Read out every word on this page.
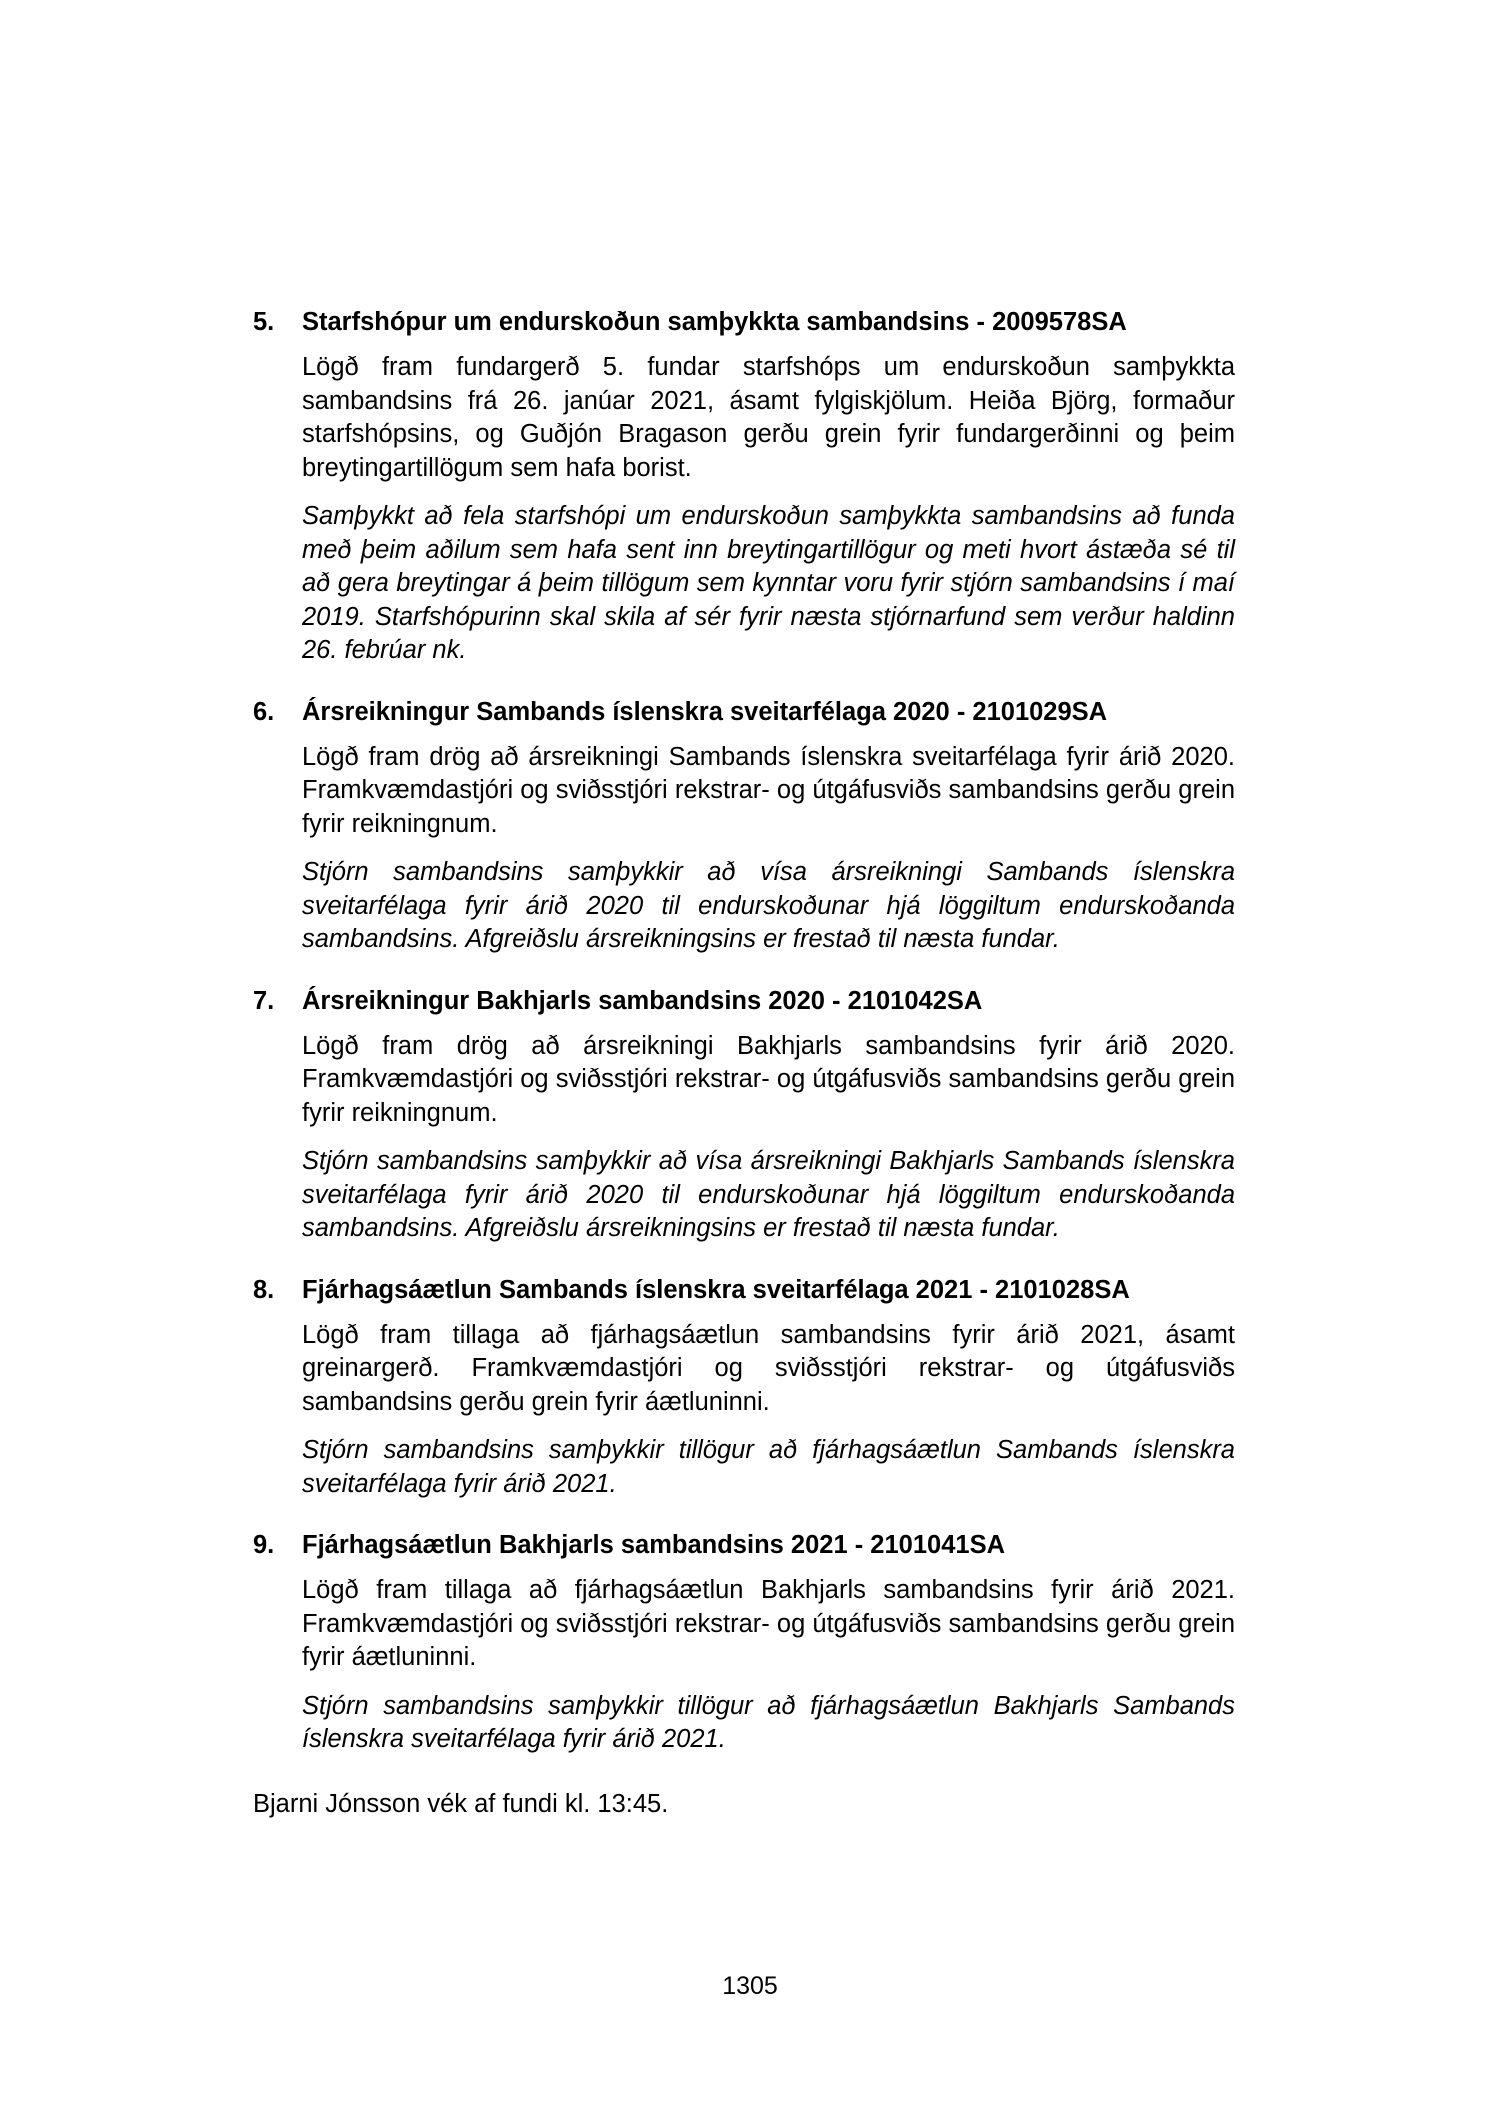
5.	Starfshópur um endurskoðun samþykkta sambandsins - 2009578SA

Lögð fram fundargerð 5. fundar starfshóps um endurskoðun samþykkta sambandsins frá 26. janúar 2021, ásamt fylgiskjölum. Heiða Björg, formaður starfshópsins, og Guðjón Bragason gerðu grein fyrir fundargerðinni og þeim breytingartillögum sem hafa borist.

Samþykkt að fela starfshópi um endurskoðun samþykkta sambandsins að funda með þeim aðilum sem hafa sent inn breytingartillögur og meti hvort ástæða sé til að gera breytingar á þeim tillögum sem kynntar voru fyrir stjórn sambandsins í maí 2019. Starfshópurinn skal skila af sér fyrir næsta stjórnarfund sem verður haldinn 26. febrúar nk.

6.	Ársreikningur Sambands íslenskra sveitarfélaga 2020 - 2101029SA

Lögð fram drög að ársreikningi Sambands íslenskra sveitarfélaga fyrir árið 2020. Framkvæmdastjóri og sviðsstjóri rekstrar- og útgáfusviðs sambandsins gerðu grein fyrir reikningnum.

Stjórn sambandsins samþykkir að vísa ársreikningi Sambands íslenskra sveitarfélaga fyrir árið 2020 til endurskoðunar hjá löggiltum endurskoðanda sambandsins. Afgreiðslu ársreikningsins er frestað til næsta fundar.

7.	Ársreikningur Bakhjarls sambandsins 2020 - 2101042SA

Lögð fram drög að ársreikningi Bakhjarls sambandsins fyrir árið 2020. Framkvæmdastjóri og sviðsstjóri rekstrar- og útgáfusviðs sambandsins gerðu grein fyrir reikningnum.

Stjórn sambandsins samþykkir að vísa ársreikningi Bakhjarls Sambands íslenskra sveitarfélaga fyrir árið 2020 til endurskoðunar hjá löggiltum endurskoðanda sambandsins. Afgreiðslu ársreikningsins er frestað til næsta fundar.

8.	Fjárhagsáætlun Sambands íslenskra sveitarfélaga 2021 - 2101028SA

Lögð fram tillaga að fjárhagsáætlun sambandsins fyrir árið 2021, ásamt greinargerð. Framkvæmdastjóri og sviðsstjóri rekstrar- og útgáfusviðs sambandsins gerðu grein fyrir áætluninni.

Stjórn sambandsins samþykkir tillögur að fjárhagsáætlun Sambands íslenskra sveitarfélaga fyrir árið 2021.

9.	Fjárhagsáætlun Bakhjarls sambandsins 2021 - 2101041SA

Lögð fram tillaga að fjárhagsáætlun Bakhjarls sambandsins fyrir árið 2021. Framkvæmdastjóri og sviðsstjóri rekstrar- og útgáfusviðs sambandsins gerðu grein fyrir áætluninni.

Stjórn sambandsins samþykkir tillögur að fjárhagsáætlun Bakhjarls Sambands íslenskra sveitarfélaga fyrir árið 2021.

Bjarni Jónsson vék af fundi kl. 13:45.

1305
